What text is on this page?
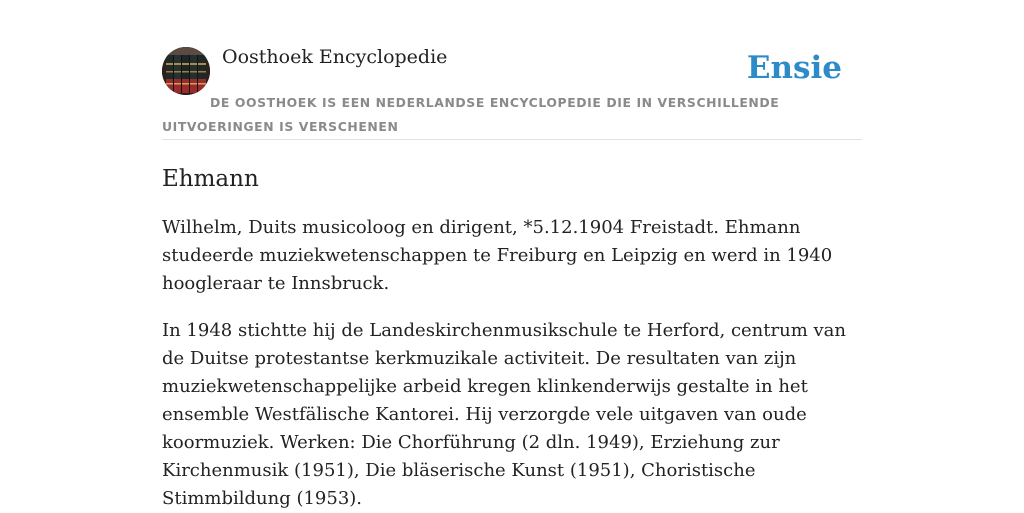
Oosthoek Encyclopedie	Ensie
DE OOSTHOEK IS EEN NEDERLANDSE ENCYCLOPEDIE DIE IN VERSCHILLENDE UITVOERINGEN IS VERSCHENEN
Ehmann

Wilhelm, Duits musicoloog en dirigent, *5.12.1904 Freistadt. Ehmann studeerde muziekwetenschappen te Freiburg en Leipzig en werd in 1940 hoogleraar te Innsbruck.

In 1948 stichtte hij de Landeskirchenmusikschule te Herford, centrum van de Duitse protestantse kerkmuzikale activiteit. De resultaten van zijn muziekwetenschappelijke arbeid kregen klinkenderwijs gestalte in het ensemble Westfälische Kantorei. Hij verzorgde vele uitgaven van oude koormuziek. Werken: Die Chorführung (2 dln. 1949), Erziehung zur Kirchenmusik (1951), Die bläserische Kunst (1951), Choristische Stimmbildung (1953).
